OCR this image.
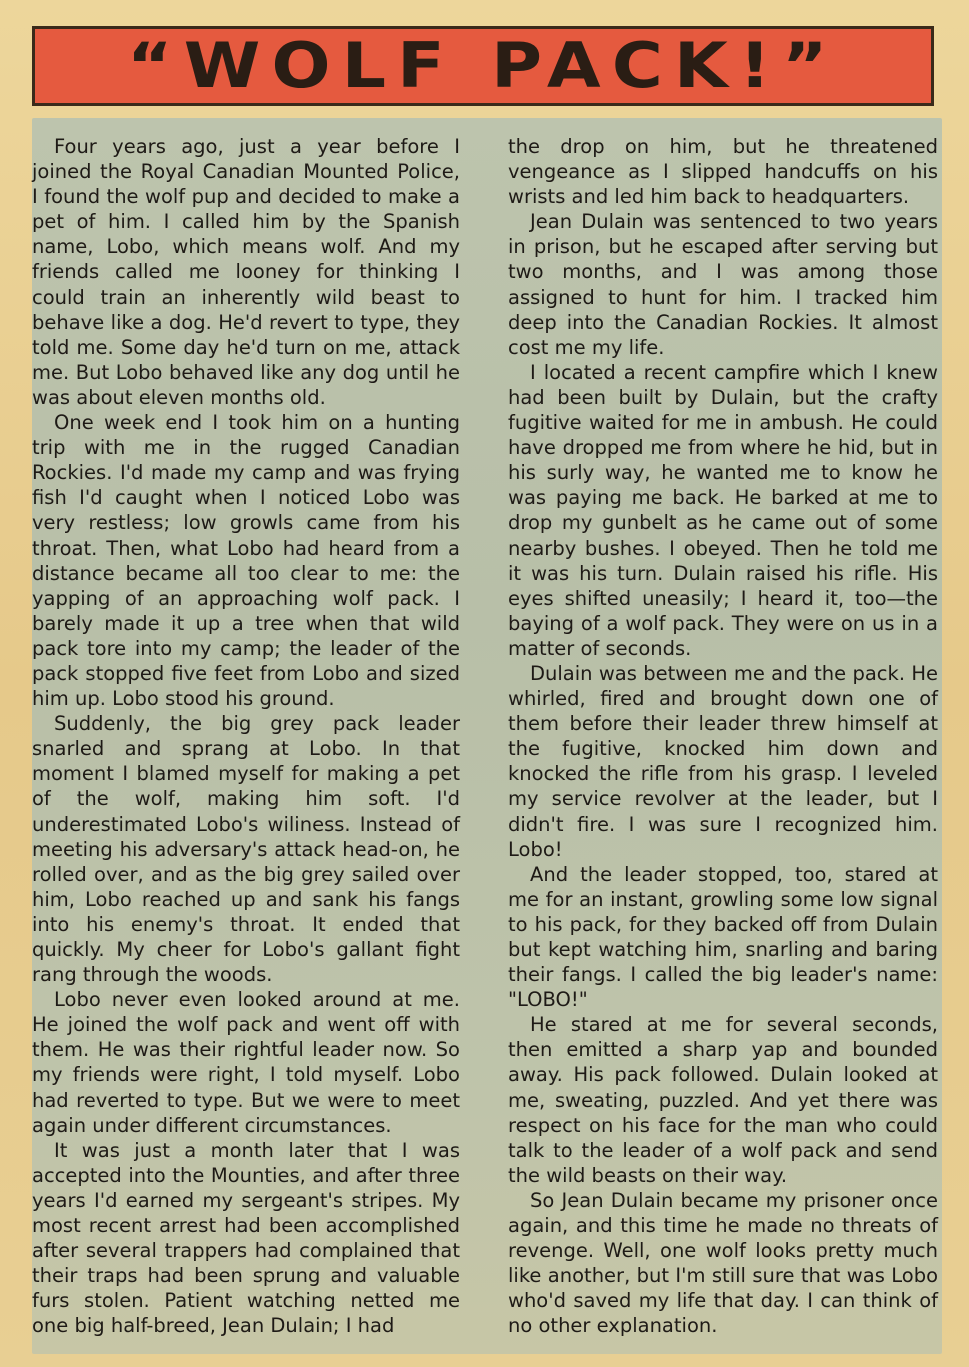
“WOLF PACK!”

Four years ago, just a year before I joined the Royal Canadian Mounted Police, I found the wolf pup and decided to make a pet of him. I called him by the Spanish name, Lobo, which means wolf. And my friends called me looney for thinking I could train an inherently wild beast to behave like a dog. He'd revert to type, they told me. Some day he'd turn on me, attack me. But Lobo behaved like any dog until he was about eleven months old.

One week end I took him on a hunting trip with me in the rugged Canadian Rockies. I'd made my camp and was frying fish I'd caught when I noticed Lobo was very restless; low growls came from his throat. Then, what Lobo had heard from a distance became all too clear to me: the yapping of an approaching wolf pack. I barely made it up a tree when that wild pack tore into my camp; the leader of the pack stopped five feet from Lobo and sized him up. Lobo stood his ground.

Suddenly, the big grey pack leader snarled and sprang at Lobo. In that moment I blamed myself for making a pet of the wolf, making him soft. I'd underestimated Lobo's wiliness. Instead of meeting his adversary's attack head-on, he rolled over, and as the big grey sailed over him, Lobo reached up and sank his fangs into his enemy's throat. It ended that quickly. My cheer for Lobo's gallant fight rang through the woods.

Lobo never even looked around at me. He joined the wolf pack and went off with them. He was their rightful leader now. So my friends were right, I told myself. Lobo had reverted to type. But we were to meet again under different circumstances.

It was just a month later that I was accepted into the Mounties, and after three years I'd earned my sergeant's stripes. My most recent arrest had been accomplished after several trappers had complained that their traps had been sprung and valuable furs stolen. Patient watching netted me one big half-breed, Jean Dulain; I had

the drop on him, but he threatened vengeance as I slipped handcuffs on his wrists and led him back to headquarters.

Jean Dulain was sentenced to two years in prison, but he escaped after serving but two months, and I was among those assigned to hunt for him. I tracked him deep into the Canadian Rockies. It almost cost me my life.

I located a recent campfire which I knew had been built by Dulain, but the crafty fugitive waited for me in ambush. He could have dropped me from where he hid, but in his surly way, he wanted me to know he was paying me back. He barked at me to drop my gunbelt as he came out of some nearby bushes. I obeyed. Then he told me it was his turn. Dulain raised his rifle. His eyes shifted uneasily; I heard it, too—the baying of a wolf pack. They were on us in a matter of seconds.

Dulain was between me and the pack. He whirled, fired and brought down one of them before their leader threw himself at the fugitive, knocked him down and knocked the rifle from his grasp. I leveled my service revolver at the leader, but I didn't fire. I was sure I recognized him. Lobo!

And the leader stopped, too, stared at me for an instant, growling some low signal to his pack, for they backed off from Dulain but kept watching him, snarling and baring their fangs. I called the big leader's name: "LOBO!"

He stared at me for several seconds, then emitted a sharp yap and bounded away. His pack followed. Dulain looked at me, sweating, puzzled. And yet there was respect on his face for the man who could talk to the leader of a wolf pack and send the wild beasts on their way.

So Jean Dulain became my prisoner once again, and this time he made no threats of revenge. Well, one wolf looks pretty much like another, but I'm still sure that was Lobo who'd saved my life that day. I can think of no other explanation.
